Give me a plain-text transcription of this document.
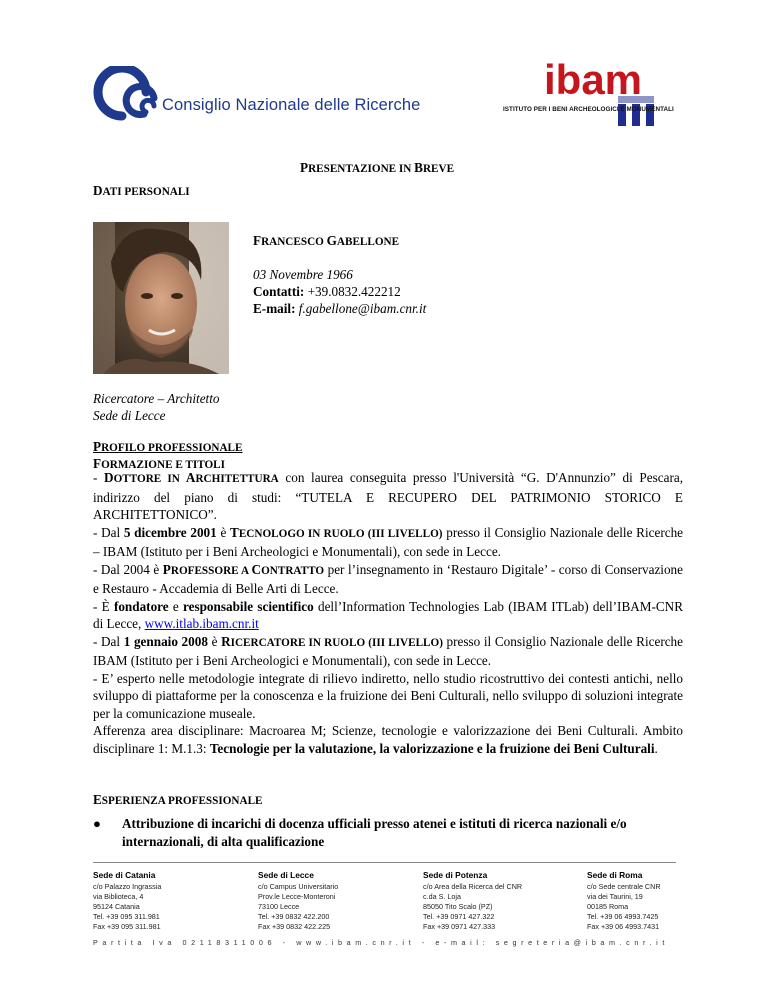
Consiglio Nazionale delle Ricerche
ibam
ISTITUTO PER I BENI ARCHEOLOGICI E MONUMENTALI
PRESENTAZIONE IN BREVE
DATI PERSONALI
FRANCESCO GABELLONE
03 Novembre 1966
Contatti: +39.0832.422212
E-mail: f.gabellone@ibam.cnr.it
Ricercatore – Architetto
Sede di Lecce
PROFILO PROFESSIONALE
FORMAZIONE E TITOLI

- DOTTORE IN ARCHITETTURA con laurea conseguita presso l'Università “G. D'Annunzio” di Pescara, indirizzo del piano di studi: “TUTELA E RECUPERO DEL PATRIMONIO STORICO E ARCHITETTONICO”.

- Dal 5 dicembre 2001 è TECNOLOGO IN RUOLO (III LIVELLO) presso il Consiglio Nazionale delle Ricerche – IBAM (Istituto per i Beni Archeologici e Monumentali), con sede in Lecce.

- Dal 2004 è PROFESSORE A CONTRATTO per l’insegnamento in ‘Restauro Digitale’ - corso di Conservazione e Restauro - Accademia di Belle Arti di Lecce.

- È fondatore e responsabile scientifico dell’Information Technologies Lab (IBAM ITLab) dell’IBAM-CNR di Lecce, www.itlab.ibam.cnr.it

- Dal 1 gennaio 2008 è RICERCATORE IN RUOLO (III LIVELLO) presso il Consiglio Nazionale delle Ricerche IBAM (Istituto per i Beni Archeologici e Monumentali), con sede in Lecce.

- E’ esperto nelle metodologie integrate di rilievo indiretto, nello studio ricostruttivo dei contesti antichi, nello sviluppo di piattaforme per la conoscenza e la fruizione dei Beni Culturali, nello sviluppo di soluzioni integrate per la comunicazione museale.

Afferenza area disciplinare: Macroarea M; Scienze, tecnologie e valorizzazione dei Beni Culturali. Ambito disciplinare 1: M.1.3: Tecnologie per la valutazione, la valorizzazione e la fruizione dei Beni Culturali.

ESPERIENZA PROFESSIONALE
● Attribuzione di incarichi di docenza ufficiali presso atenei e istituti di ricerca nazionali e/o internazionali, di alta qualificazione
Sede di Catania
c/o Palazzo Ingrassia
via Biblioteca, 4
95124 Catania
Tel. +39 095 311.981
Fax +39 095 311.981
Sede di Lecce
c/o Campus Universitario
Prov.le Lecce-Monteroni
73100 Lecce
Tel. +39 0832 422.200
Fax +39 0832 422.225
Sede di Potenza
c/o Area della Ricerca del CNR
c.da S. Loja
85050 Tito Scalo (PZ)
Tel. +39 0971 427.322
Fax +39 0971 427.333
Sede di Roma
c/o Sede centrale CNR
via dei Taurini, 19
00185 Roma
Tel. +39 06 4993.7425
Fax +39 06 4993.7431
Partita Iva 02118311006 - www.ibam.cnr.it - e-mail: segreteria@ibam.cnr.it
